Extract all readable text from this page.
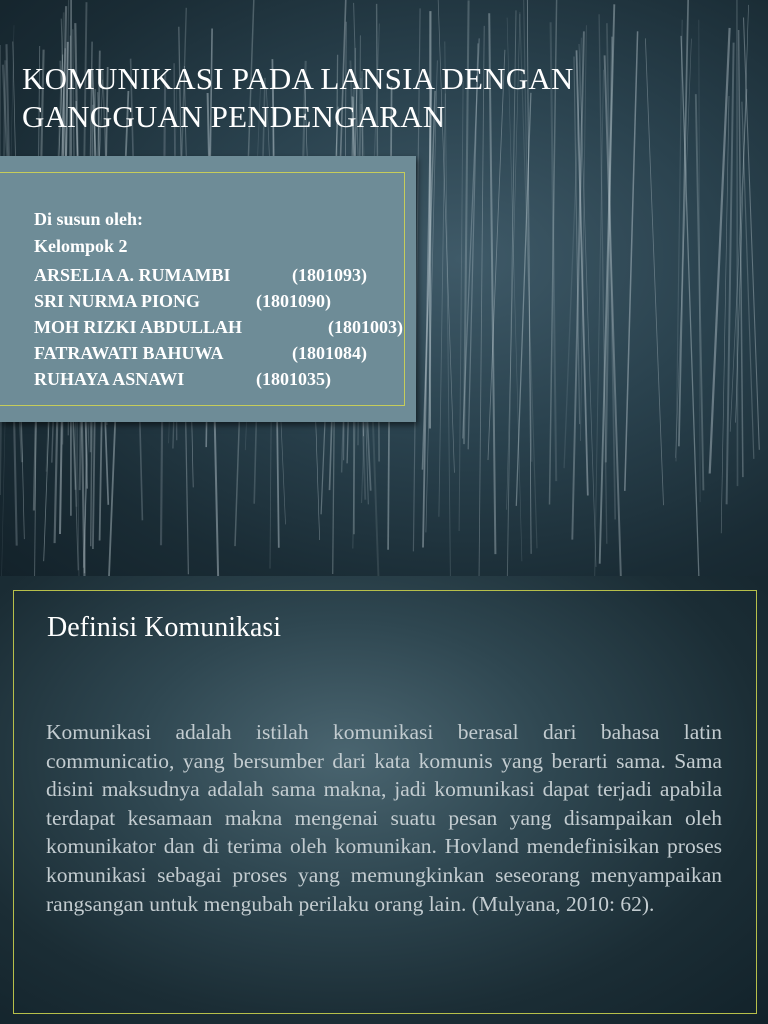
KOMUNIKASI PADA LANSIA DENGAN
GANGGUAN PENDENGARAN
Di susun oleh:
Kelompok 2
ARSELIA A. RUMAMBI	(1801093)
SRI NURMA PIONG	(1801090)
MOH RIZKI ABDULLAH	(1801003)
FATRAWATI BAHUWA	(1801084)
RUHAYA ASNAWI	(1801035)
Definisi Komunikasi
Komunikasi adalah istilah komunikasi berasal dari bahasa latin communicatio, yang bersumber dari kata komunis yang berarti sama. Sama disini maksudnya adalah sama makna, jadi komunikasi dapat terjadi apabila terdapat kesamaan makna mengenai suatu pesan yang disampaikan oleh komunikator dan di terima oleh komunikan. Hovland mendefinisikan proses komunikasi sebagai proses yang memungkinkan seseorang menyampaikan rangsangan untuk mengubah perilaku orang lain. (Mulyana, 2010: 62).
